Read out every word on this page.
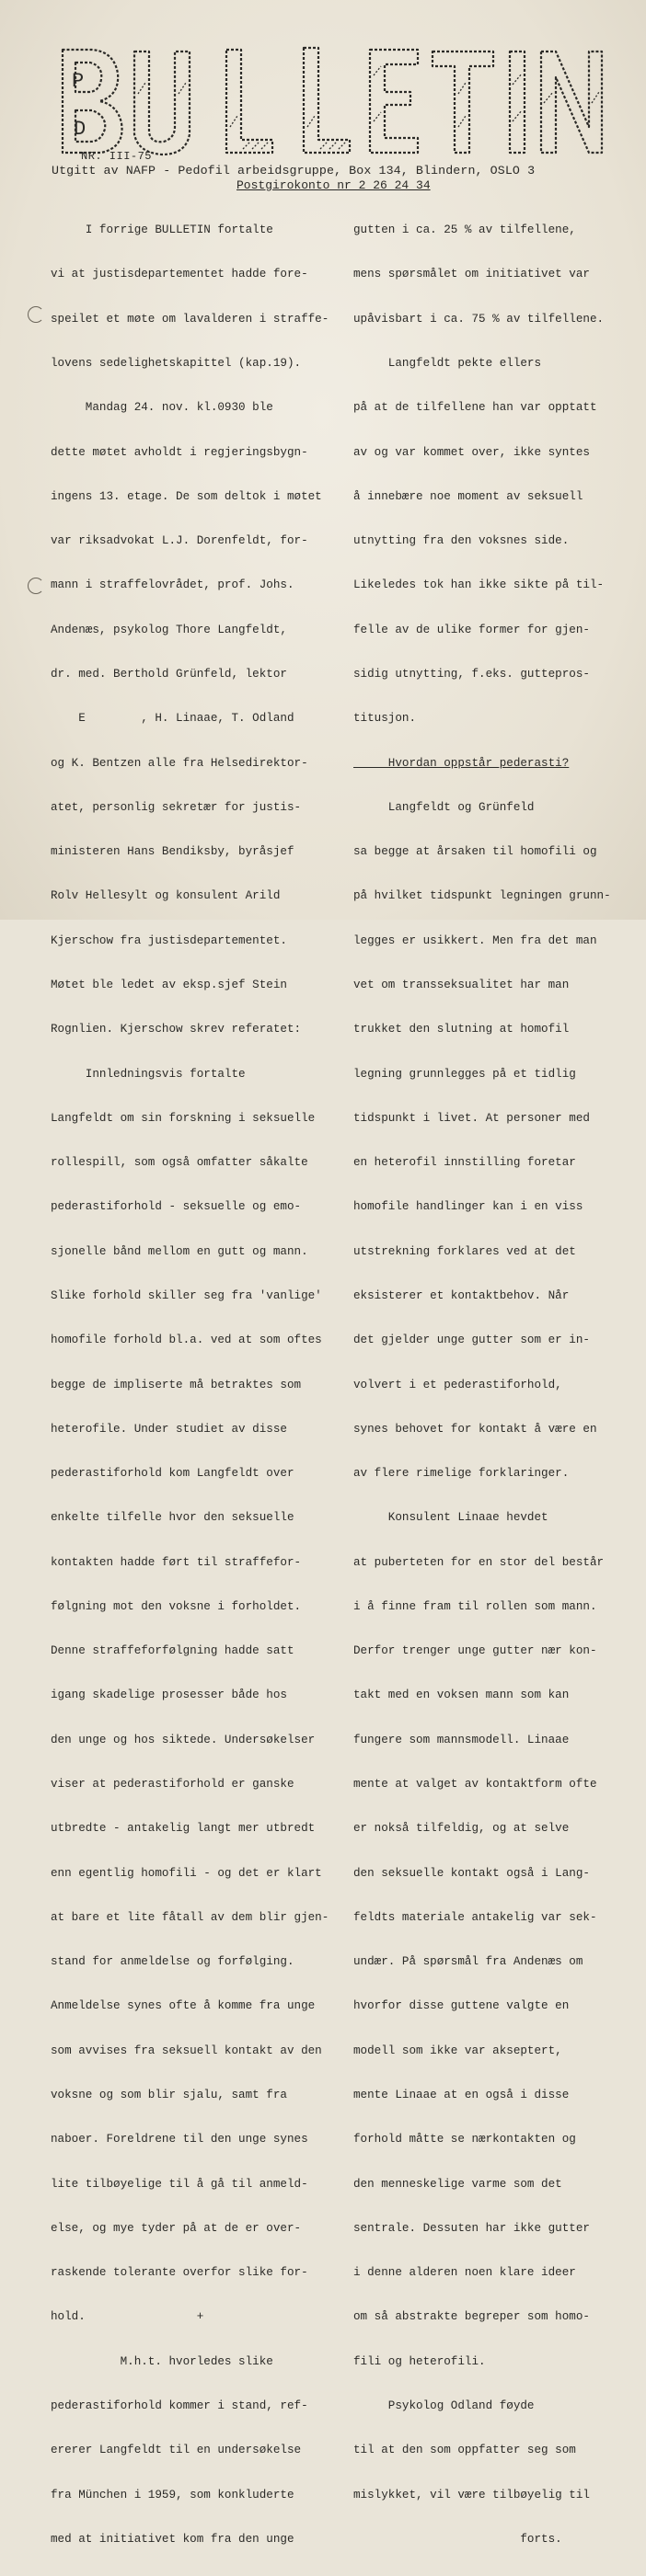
P
D
NR. III-75
Utgitt av NAFP - Pedofil arbeidsgruppe, Box 134, Blindern, OSLO 3
Postgirokonto nr 2 26 24 34

I forrige BULLETIN fortalte

vi at justisdepartementet hadde fore-

speilet et møte om lavalderen i straffe-

lovens sedelighetskapittel (kap.19).

Mandag 24. nov. kl.0930 ble

dette møtet avholdt i regjeringsbygn-

ingens 13. etage. De som deltok i møtet

var riksadvokat L.J. Dorenfeldt, for-

mann i straffelovrådet, prof. Johs.

Andenæs, psykolog Thore Langfeldt,

dr. med. Berthold Grünfeld, lektor

E        , H. Linaae, T. Odland

og K. Bentzen alle fra Helsedirektor-

atet, personlig sekretær for justis-

ministeren Hans Bendiksby, byråsjef

Rolv Hellesylt og konsulent Arild

Kjerschow fra justisdepartementet.

Møtet ble ledet av eksp.sjef Stein

Rognlien. Kjerschow skrev referatet:

Innledningsvis fortalte

Langfeldt om sin forskning i seksuelle

rollespill, som også omfatter såkalte

pederastiforhold - seksuelle og emo-

sjonelle bånd mellom en gutt og mann.

Slike forhold skiller seg fra 'vanlige'

homofile forhold bl.a. ved at som oftes

begge de impliserte må betraktes som

heterofile. Under studiet av disse

pederastiforhold kom Langfeldt over

enkelte tilfelle hvor den seksuelle

kontakten hadde ført til straffefor-

følgning mot den voksne i forholdet.

Denne straffeforfølgning hadde satt

igang skadelige prosesser både hos

den unge og hos siktede. Undersøkelser

viser at pederastiforhold er ganske

utbredte - antakelig langt mer utbredt

enn egentlig homofili - og det er klart

at bare et lite fåtall av dem blir gjen-

stand for anmeldelse og forfølging.

Anmeldelse synes ofte å komme fra unge

som avvises fra seksuell kontakt av den

voksne og som blir sjalu, samt fra

naboer. Foreldrene til den unge synes

lite tilbøyelige til å gå til anmeld-

else, og mye tyder på at de er over-

raskende tolerante overfor slike for-

hold.                +

M.h.t. hvorledes slike

pederastiforhold kommer i stand, ref-

ererer Langfeldt til en undersøkelse

fra München i 1959, som konkluderte

med at initiativet kom fra den unge

gutten i ca. 25 % av tilfellene,

mens spørsmålet om initiativet var

upåvisbart i ca. 75 % av tilfellene.

Langfeldt pekte ellers

på at de tilfellene han var opptatt

av og var kommet over, ikke syntes

å innebære noe moment av seksuell

utnytting fra den voksnes side.

Likeledes tok han ikke sikte på til-

felle av de ulike former for gjen-

sidig utnytting, f.eks. guttepros-

titusjon.

Hvordan oppstår pederasti?

Langfeldt og Grünfeld

sa begge at årsaken til homofili og

på hvilket tidspunkt legningen grunn-

legges er usikkert. Men fra det man

vet om transseksualitet har man

trukket den slutning at homofil

legning grunnlegges på et tidlig

tidspunkt i livet. At personer med

en heterofil innstilling foretar

homofile handlinger kan i en viss

utstrekning forklares ved at det

eksisterer et kontaktbehov. Når

det gjelder unge gutter som er in-

volvert i et pederastiforhold,

synes behovet for kontakt å være en

av flere rimelige forklaringer.

Konsulent Linaae hevdet

at puberteten for en stor del består

i å finne fram til rollen som mann.

Derfor trenger unge gutter nær kon-

takt med en voksen mann som kan

fungere som mannsmodell. Linaae

mente at valget av kontaktform ofte

er nokså tilfeldig, og at selve

den seksuelle kontakt også i Lang-

feldts materiale antakelig var sek-

undær. På spørsmål fra Andenæs om

hvorfor disse guttene valgte en

modell som ikke var akseptert,

mente Linaae at en også i disse

forhold måtte se nærkontakten og

den menneskelige varme som det

sentrale. Dessuten har ikke gutter

i denne alderen noen klare ideer

om så abstrakte begreper som homo-

fili og heterofili.

Psykolog Odland føyde

til at den som oppfatter seg som

mislykket, vil være tilbøyelig til

forts.
